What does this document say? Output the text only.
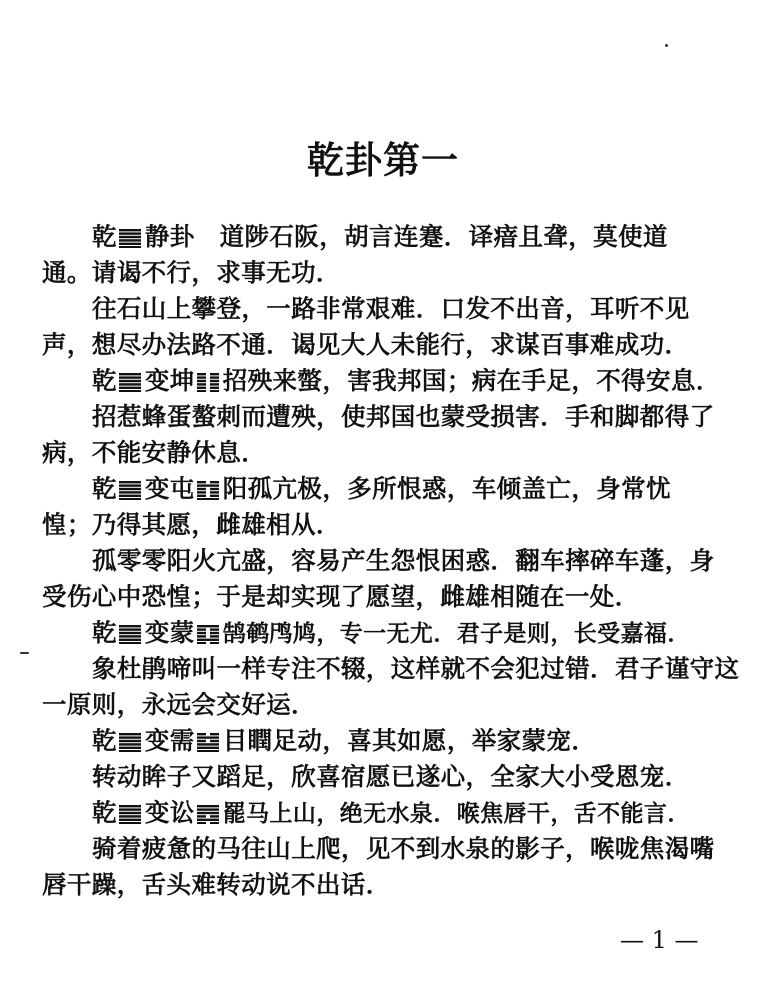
乾卦第一
乾 静卦　道陟石阪，胡言连蹇．译瘖且聋，莫使道
通。请谒不行，求事无功．
往石山上攀登，一路非常艰难．口发不出音，耳听不见
声，想尽办法路不通．谒见大人未能行，求谋百事难成功．
乾 变坤 招殃来螫，害我邦国；病在手足，不得安息．
招惹蜂蛋螯刺而遭殃，使邦国也蒙受损害．手和脚都得了
病，不能安静休息．
乾 变屯 阳孤亢极，多所恨惑，车倾盖亡，身常忧
惶；乃得其愿，雌雄相从．
孤零零阳火亢盛，容易产生怨恨困惑．翻车摔碎车蓬，身
受伤心中恐惶；于是却实现了愿望，雌雄相随在一处．
乾 变蒙 鹄鹌鸤鸠，专一无尤．君子是则，长受嘉福．
象杜鹃啼叫一样专注不辍，这样就不会犯过错．君子谨守这
一原则，永远会交好运．
乾 变需 目瞤足动，喜其如愿，举家蒙宠．
转动眸子又蹈足，欣喜宿愿已遂心，全家大小受恩宠．
乾 变讼 罷马上山，绝无水泉．喉焦唇干，舌不能言．
骑着疲惫的马往山上爬，见不到水泉的影子，喉咙焦渴嘴
唇干躁，舌头难转动说不出话．
— 1 —
